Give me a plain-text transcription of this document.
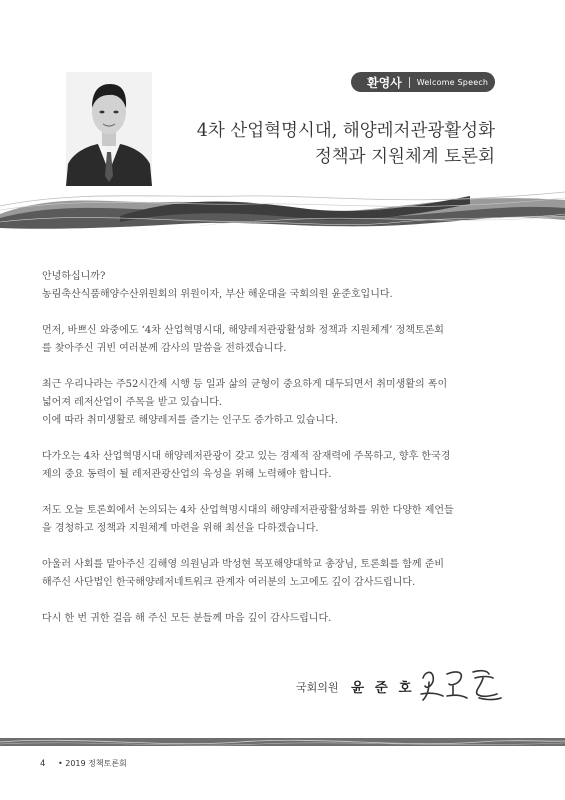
환영사 Welcome Speech
4차 산업혁명시대, 해양레저관광활성화
정책과 지원체계 토론회

안녕하십니까?
농림축산식품해양수산위원회의 위원이자, 부산 해운대을 국회의원 윤준호입니다.

먼저, 바쁘신 와중에도 ‘4차 산업혁명시대, 해양레저관광활성화 정책과 지원체계’ 정책토론회
를 찾아주신 귀빈 여러분께 감사의 말씀을 전하겠습니다.

최근 우리나라는 주52시간제 시행 등 일과 삶의 균형이 중요하게 대두되면서 취미생활의 폭이
넓어져 레저산업이 주목을 받고 있습니다.
이에 따라 취미생활로 해양레저를 즐기는 인구도 증가하고 있습니다.

다가오는 4차 산업혁명시대 해양레저관광이 갖고 있는 경제적 잠재력에 주목하고, 향후 한국경
제의 중요 동력이 될 레저관광산업의 육성을 위해 노력해야 합니다.

저도 오늘 토론회에서 논의되는 4차 산업혁명시대의 해양레저관광활성화를 위한 다양한 제언들
을 경청하고 정책과 지원체계 마련을 위해 최선을 다하겠습니다.

아울러 사회를 맡아주신 김해영 의원님과 박성현 목포해양대학교 총장님, 토론회를 함께 준비
해주신 사단법인 한국해양레저네트워크 관계자 여러분의 노고에도 깊이 감사드립니다.

다시 한 번 귀한 걸음 해 주신 모든 분들께 마음 깊이 감사드립니다.

국회의원 윤 준 호
4 • 2019 정책토론회
